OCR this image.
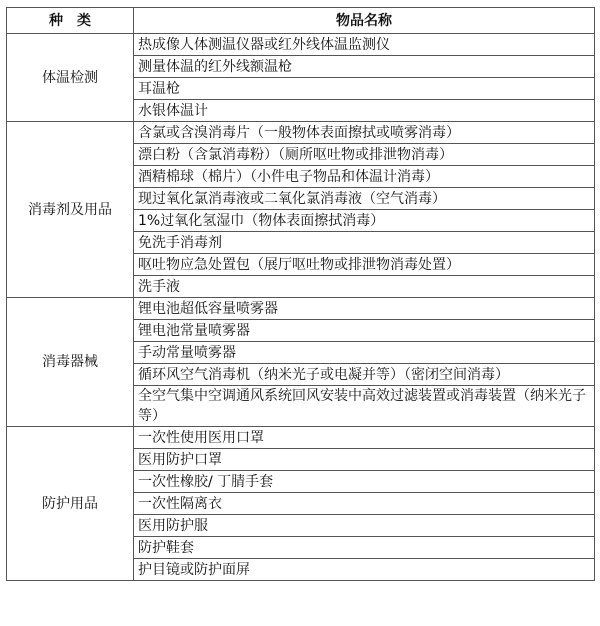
种　类	物品名称
体温检测	热成像人体测温仪器或红外线体温监测仪
	测量体温的红外线额温枪
	耳温枪
	水银体温计
消毒剂及用品	含氯或含溴消毒片（一般物体表面擦拭或喷雾消毒）
	漂白粉（含氯消毒粉）（厕所呕吐物或排泄物消毒）
	酒精棉球（棉片）（小件电子物品和体温计消毒）
	现过氧化氯消毒液或二氧化氯消毒液（空气消毒）
	1%过氧化氢湿巾（物体表面擦拭消毒）
	免洗手消毒剂
	呕吐物应急处置包（展厅呕吐物或排泄物消毒处置）
	洗手液
消毒器械	锂电池超低容量喷雾器
	锂电池常量喷雾器
	手动常量喷雾器
	循环风空气消毒机（纳米光子或电凝并等）（密闭空间消毒）
	全空气集中空调通风系统回风安装中高效过滤装置或消毒装置（纳米光子等）
防护用品	一次性使用医用口罩
	医用防护口罩
	一次性橡胶/ 丁腈手套
	一次性隔离衣
	医用防护服
	防护鞋套
	护目镜或防护面屏
